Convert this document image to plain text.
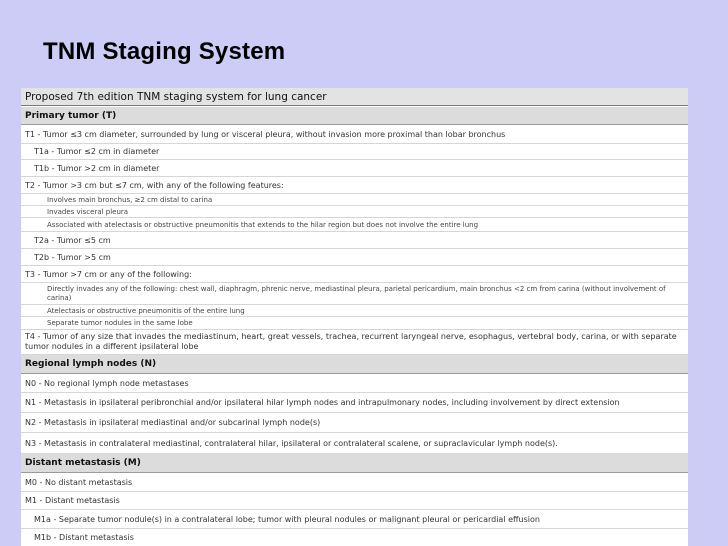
TNM Staging System
Proposed 7th edition TNM staging system for lung cancer
Primary tumor (T)
T1 - Tumor ≤3 cm diameter, surrounded by lung or visceral pleura, without invasion more proximal than lobar bronchus
T1a - Tumor ≤2 cm in diameter
T1b - Tumor >2 cm in diameter
T2 - Tumor >3 cm but ≤7 cm, with any of the following features:
Involves main bronchus, ≥2 cm distal to carina
Invades visceral pleura
Associated with atelectasis or obstructive pneumonitis that extends to the hilar region but does not involve the entire lung
T2a - Tumor ≤5 cm
T2b - Tumor >5 cm
T3 - Tumor >7 cm or any of the following:
Directly invades any of the following: chest wall, diaphragm, phrenic nerve, mediastinal pleura, parietal pericardium, main bronchus <2 cm from carina (without involvement of carina)
Atelectasis or obstructive pneumonitis of the entire lung
Separate tumor nodules in the same lobe
T4 - Tumor of any size that invades the mediastinum, heart, great vessels, trachea, recurrent laryngeal nerve, esophagus, vertebral body, carina, or with separate tumor nodules in a different ipsilateral lobe
Regional lymph nodes (N)
N0 - No regional lymph node metastases
N1 - Metastasis in ipsilateral peribronchial and/or ipsilateral hilar lymph nodes and intrapulmonary nodes, including involvement by direct extension
N2 - Metastasis in ipsilateral mediastinal and/or subcarinal lymph node(s)
N3 - Metastasis in contralateral mediastinal, contralateral hilar, ipsilateral or contralateral scalene, or supraclavicular lymph node(s).
Distant metastasis (M)
M0 - No distant metastasis
M1 - Distant metastasis
M1a - Separate tumor nodule(s) in a contralateral lobe; tumor with pleural nodules or malignant pleural or pericardial effusion
M1b - Distant metastasis
